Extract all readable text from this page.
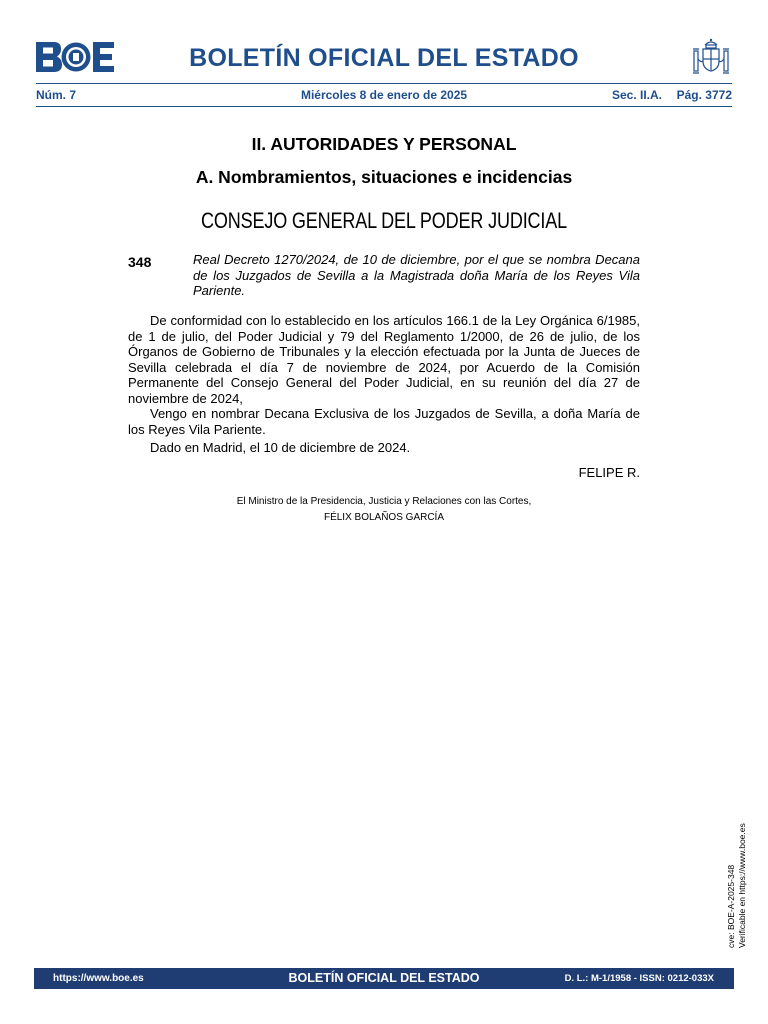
BOLETÍN OFICIAL DEL ESTADO
Núm. 7	Miércoles 8 de enero de 2025	Sec. II.A. Pág. 3772
II. AUTORIDADES Y PERSONAL
A. Nombramientos, situaciones e incidencias
CONSEJO GENERAL DEL PODER JUDICIAL
348	Real Decreto 1270/2024, de 10 de diciembre, por el que se nombra Decana de los Juzgados de Sevilla a la Magistrada doña María de los Reyes Vila Pariente.

De conformidad con lo establecido en los artículos 166.1 de la Ley Orgánica 6/1985, de 1 de julio, del Poder Judicial y 79 del Reglamento 1/2000, de 26 de julio, de los Órganos de Gobierno de Tribunales y la elección efectuada por la Junta de Jueces de Sevilla celebrada el día 7 de noviembre de 2024, por Acuerdo de la Comisión Permanente del Consejo General del Poder Judicial, en su reunión del día 27 de noviembre de 2024,

Vengo en nombrar Decana Exclusiva de los Juzgados de Sevilla, a doña María de los Reyes Vila Pariente.

Dado en Madrid, el 10 de diciembre de 2024.

FELIPE R.
El Ministro de la Presidencia, Justicia y Relaciones con las Cortes,
FÉLIX BOLAÑOS GARCÍA
cve: BOE-A-2025-348 Verificable en https://www.boe.es
https://www.boe.es	BOLETÍN OFICIAL DEL ESTADO	D. L.: M-1/1958 - ISSN: 0212-033X
